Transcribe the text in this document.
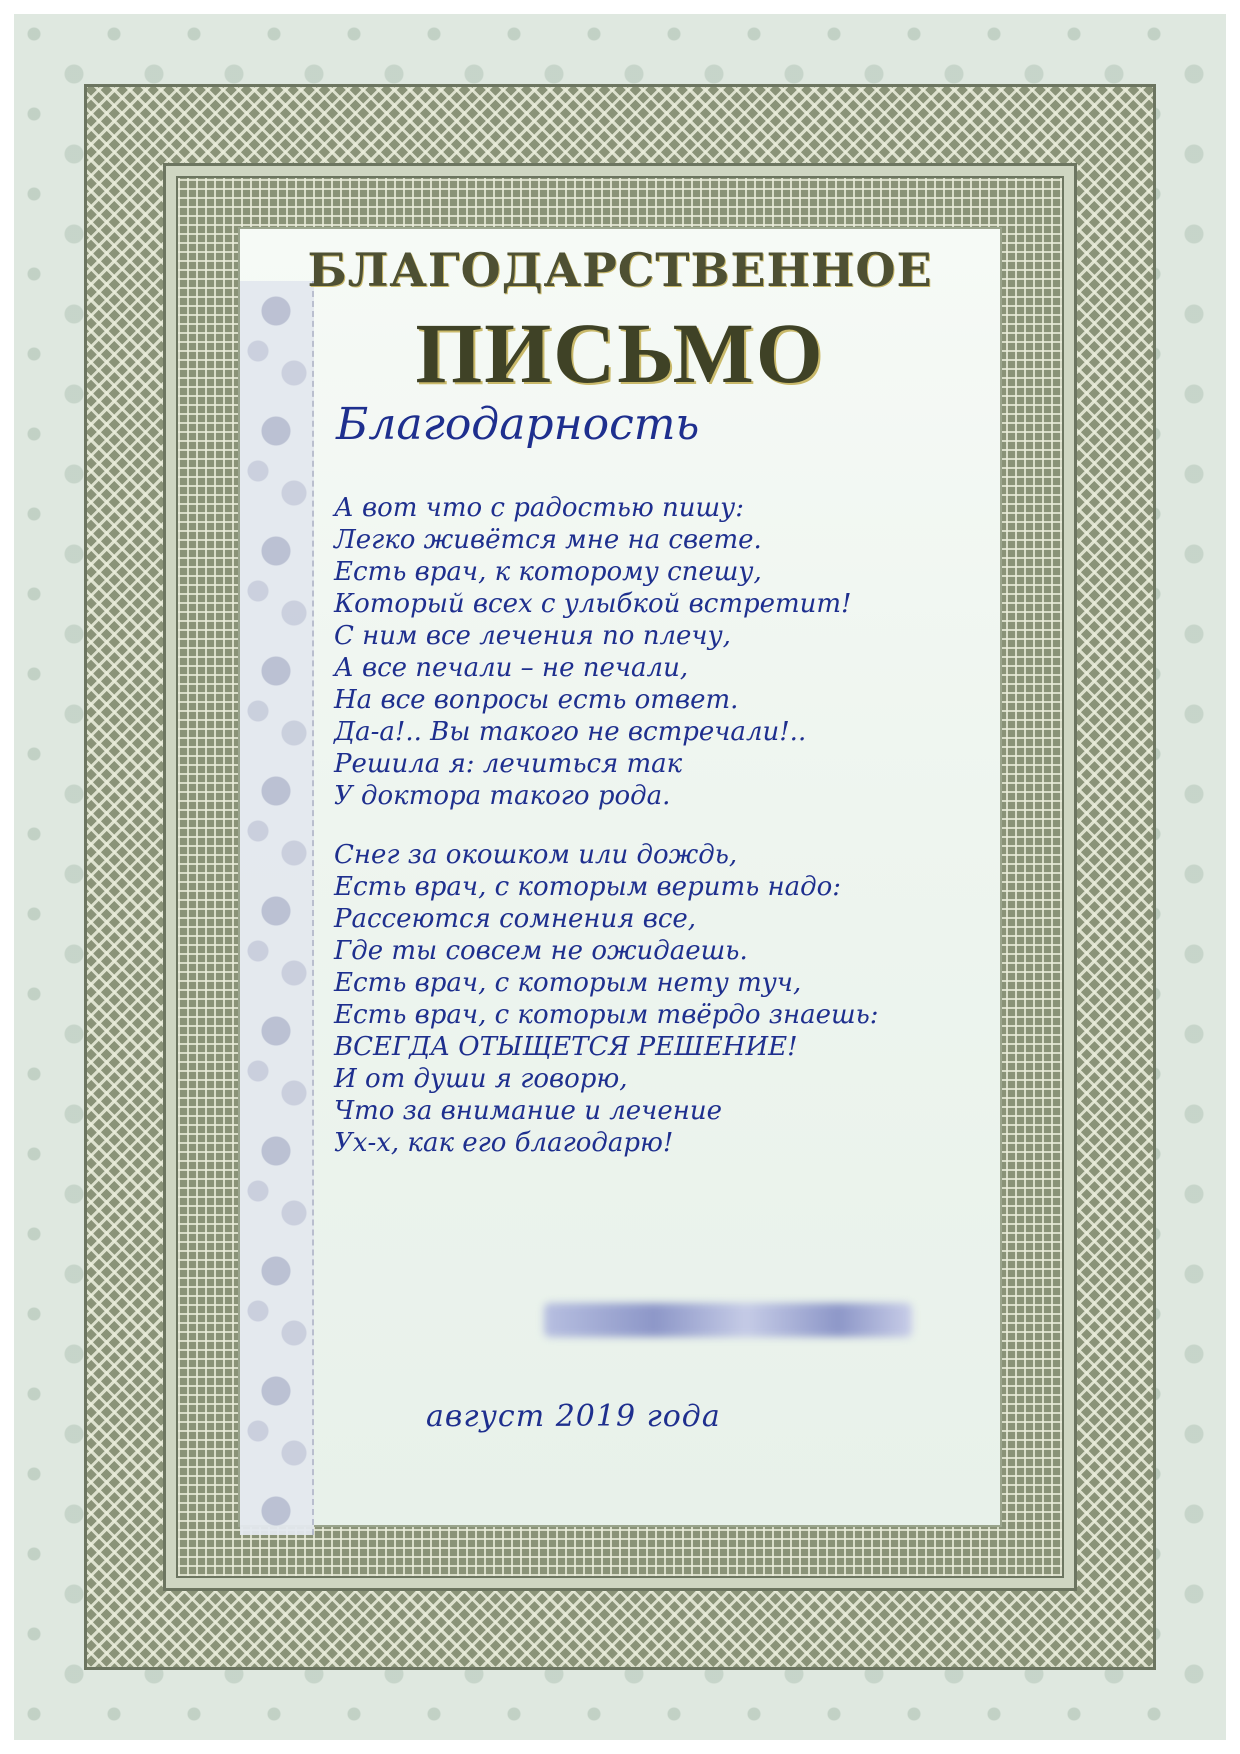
БЛАГОДАРСТВЕННОЕ
ПИСЬМО
Благодарность
А вот что с радостью пишу:
Легко живётся мне на свете.
Есть врач, к которому спешу,
Который всех с улыбкой встретит!
С ним все лечения по плечу,
А все печали – не печали,
На все вопросы есть ответ.
Да-а!.. Вы такого не встречали!..
Решила я: лечиться так
У доктора такого рода.
Снег за окошком или дождь,
Есть врач, с которым верить надо:
Рассеются сомнения все,
Где ты совсем не ожидаешь.
Есть врач, с которым нету туч,
Есть врач, с которым твёрдо знаешь:
ВСЕГДА ОТЫЩЕТСЯ РЕШЕНИЕ!
И от души я говорю,
Что за внимание и лечение
Ух-х, как его благодарю!
август 2019 года
